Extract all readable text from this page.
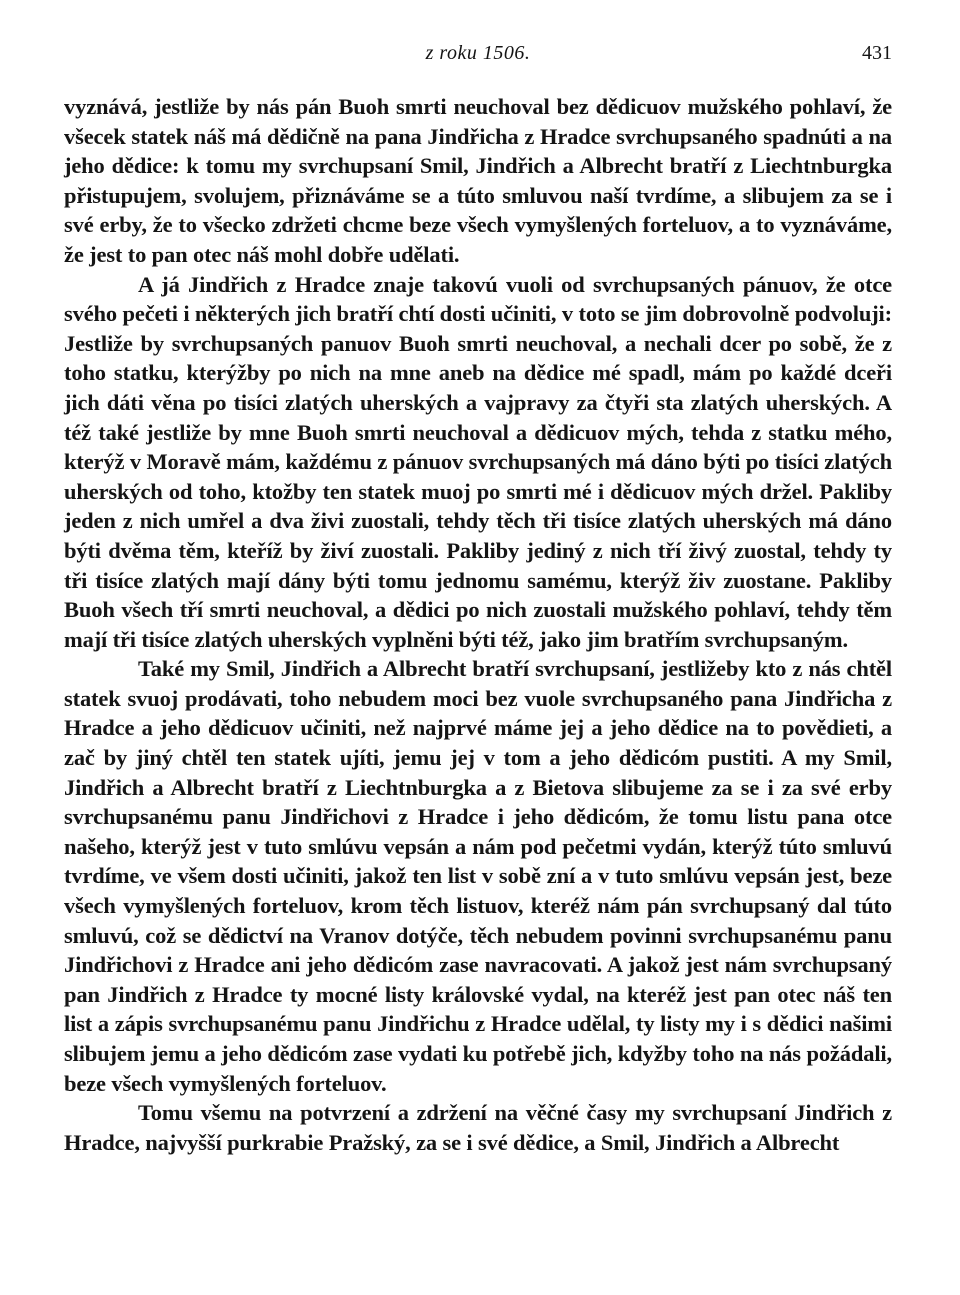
z roku 1506.	431

vyznává, jestliže by nás pán Buoh smrti neuchoval bez dědicuov mužského pohlaví, že všecek statek náš má dědičně na pana Jindřicha z Hradce svrchupsaného spadnúti a na jeho dědice: k tomu my svrchupsaní Smil, Jindřich a Albrecht bratří z Liechtnburgka přistupujem, svolujem, přiznáváme se a túto smluvou naší tvrdíme, a slibujem za se i své erby, že to všecko zdržeti chcme beze všech vymyšlených forteluov, a to vyznáváme, že jest to pan otec náš mohl dobře udělati.

A já Jindřich z Hradce znaje takovú vuoli od svrchupsaných pánuov, že otce svého pečeti i některých jich bratří chtí dosti učiniti, v toto se jim dobrovolně podvoluji: Jestliže by svrchupsaných panuov Buoh smrti neuchoval, a nechali dcer po sobě, že z toho statku, kterýžby po nich na mne aneb na dědice mé spadl, mám po každé dceři jich dáti věna po tisíci zlatých uherských a vajpravy za čtyři sta zlatých uherských. A též také jestliže by mne Buoh smrti neuchoval a dědicuov mých, tehda z statku mého, kterýž v Moravě mám, každému z pánuov svrchupsaných má dáno býti po tisíci zlatých uherských od toho, ktožby ten statek muoj po smrti mé i dědicuov mých držel. Pakliby jeden z nich umřel a dva živi zuostali, tehdy těch tři tisíce zlatých uherských má dáno býti dvěma těm, kteříž by živí zuostali. Pakliby jediný z nich tří živý zuostal, tehdy ty tři tisíce zlatých mají dány býti tomu jednomu samému, kterýž živ zuostane. Pakliby Buoh všech tří smrti neuchoval, a dědici po nich zuostali mužského pohlaví, tehdy těm mají tři tisíce zlatých uherských vyplněni býti též, jako jim bratřím svrchupsaným.

Také my Smil, Jindřich a Albrecht bratří svrchupsaní, jestližeby kto z nás chtěl statek svuoj prodávati, toho nebudem moci bez vuole svrchupsaného pana Jindřicha z Hradce a jeho dědicuov učiniti, než najprvé máme jej a jeho dědice na to povědieti, a zač by jiný chtěl ten statek ujíti, jemu jej v tom a jeho dědicóm pustiti. A my Smil, Jindřich a Albrecht bratří z Liechtnburgka a z Bietova slibujeme za se i za své erby svrchupsanému panu Jindřichovi z Hradce i jeho dědicóm, že tomu listu pana otce našeho, kterýž jest v tuto smlúvu vepsán a nám pod pečetmi vydán, kterýž túto smluvú tvrdíme, ve všem dosti učiniti, jakož ten list v sobě zní a v tuto smlúvu vepsán jest, beze všech vymyšlených forteluov, krom těch listuov, kteréž nám pán svrchupsaný dal túto smluvú, což se dědictví na Vranov dotýče, těch nebudem povinni svrchupsanému panu Jindřichovi z Hradce ani jeho dědicóm zase navracovati. A jakož jest nám svrchupsaný pan Jindřich z Hradce ty mocné listy královské vydal, na kteréž jest pan otec náš ten list a zápis svrchupsanému panu Jindřichu z Hradce udělal, ty listy my i s dědici našimi slibujem jemu a jeho dědicóm zase vydati ku potřebě jich, kdyžby toho na nás požádali, beze všech vymyšlených forteluov.

Tomu všemu na potvrzení a zdržení na věčné časy my svrchupsaní Jindřich z Hradce, najvyšší purkrabie Pražský, za se i své dědice, a Smil, Jindřich a Albrecht
